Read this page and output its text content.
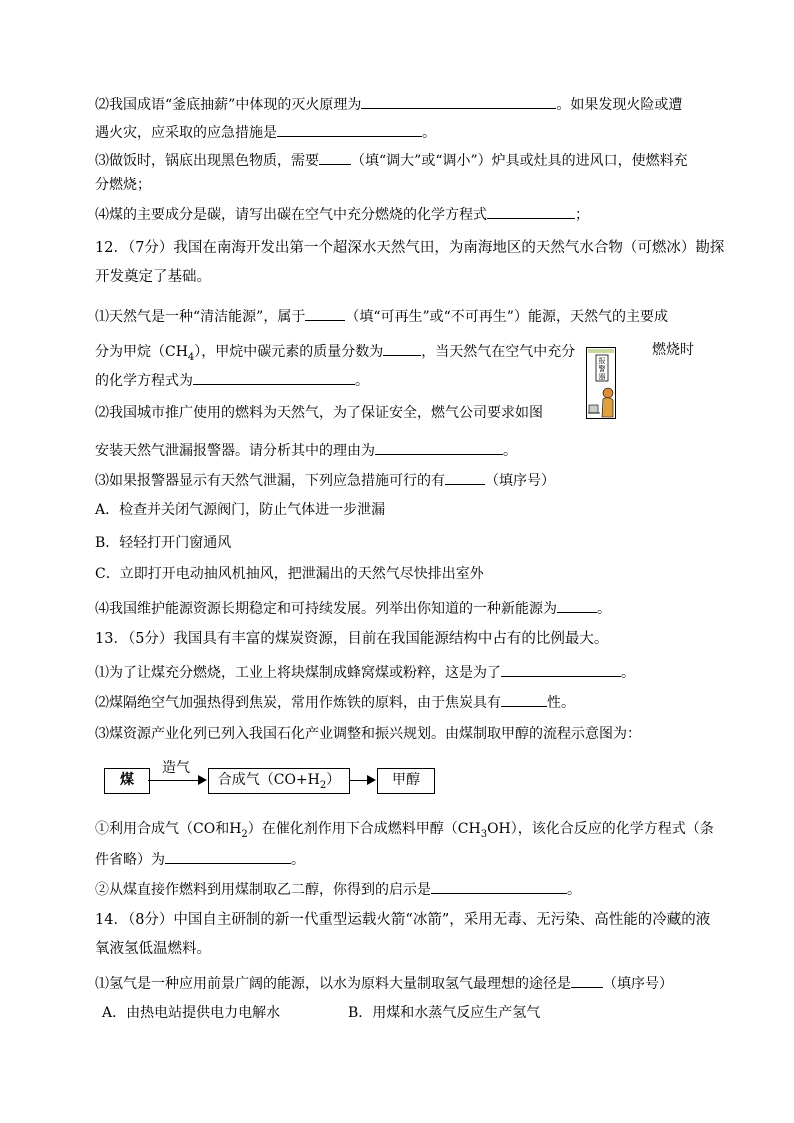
⑵我国成语“釜底抽薪”中体现的灭火原理为	。如果发现火险或遭
遇火灾，应采取的应急措施是	。
⑶做饭时，锅底出现黑色物质，需要 （填“调大”或“调小”）炉具或灶具的进风口，使燃料充
分燃烧；
⑷煤的主要成分是碳，请写出碳在空气中充分燃烧的化学方程式	；
12．（7分）我国在南海开发出第一个超深水天然气田，为南海地区的天然气水合物（可燃冰）勘探
开发奠定了基础。
⑴天然气是一种“清洁能源”，属于	（填“可再生”或“不可再生”）能源，天然气的主要成
分为甲烷$(CH_4)$，甲烷中碳元素的质量分数为	，当天然气在空气中充分	燃烧时
的化学方程式为	。
报
警
器
⑵我国城市推广使用的燃料为天然气，为了保证安全，燃气公司要求如图
安装天然气泄漏报警器。请分析其中的理由为	。
⑶如果报警器显示有天然气泄漏，下列应急措施可行的有	（填序号）
A．检查并关闭气源阀门，防止气体进一步泄漏
B．轻轻打开门窗通风
C．立即打开电动抽风机抽风，把泄漏出的天然气尽快排出室外
⑷我国维护能源资源长期稳定和可持续发展。列举出你知道的一种新能源为	。
13．（5分）我国具有丰富的煤炭资源，目前在我国能源结构中占有的比例最大。
⑴为了让煤充分燃烧，工业上将块煤制成蜂窝煤或粉粹，这是为了	。
⑵煤隔绝空气加强热得到焦炭，常用作炼铁的原料，由于焦炭具有	性。
⑶煤资源产业化列已列入我国石化产业调整和振兴规划。由煤制取甲醇的流程示意图为：
煤
造气
合成气$(CO+H_2)$	甲醇
①利用合成气（CO和$H_2$）在催化剂作用下合成燃料甲醇$(CH_3OH)$，该化合反应的化学方程式（条
件省略）为	。
②从煤直接作燃料到用煤制取乙二醇，你得到的启示是	。
14．（8分）中国自主研制的新一代重型运载火箭“冰箭”，采用无毒、无污染、高性能的冷藏的液
氧液氢低温燃料。
⑴氢气是一种应用前景广阔的能源，以水为原料大量制取氢气最理想的途径是 （填序号）
A．由热电站提供电力电解水	B．用煤和水蒸气反应生产氢气
